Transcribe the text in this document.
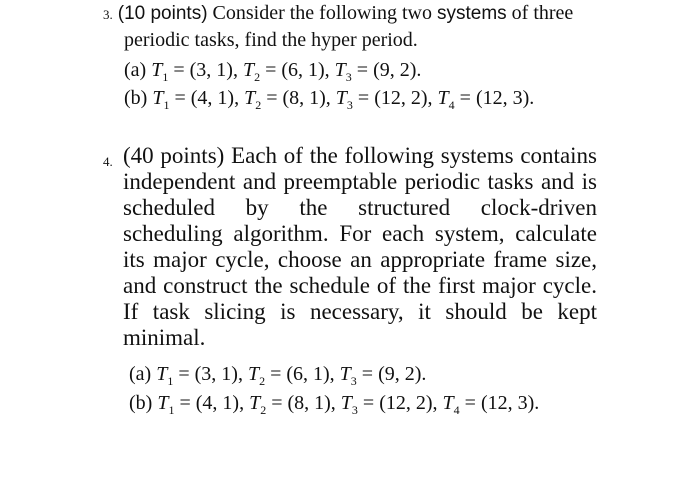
3. (10 points) Consider the following two systems of three
periodic tasks, find the hyper period.
(a) $T_1 = (3$, 1), $T_2 = (6$, 1), $T_3 = (9$, 2).
(b) $T_1 = (4$, 1), $T_2 = (8$, 1), $T_3 = (12$, 2), $T_4 = (12$, 3).
4. (40 points) Each of the following systems contains
independent and preemptable periodic tasks and is
scheduled by the structured clock-driven
scheduling algorithm. For each system, calculate
its major cycle, choose an appropriate frame size,
and construct the schedule of the first major cycle.
If task slicing is necessary, it should be kept
minimal.
(a) $T_1 = (3$, 1), $T_2 = (6$, 1), $T_3 = (9$, 2).
(b) $T_1 = (4$, 1), $T_2 = (8$, 1), $T_3 = (12$, 2), $T_4 = (12$, 3).
